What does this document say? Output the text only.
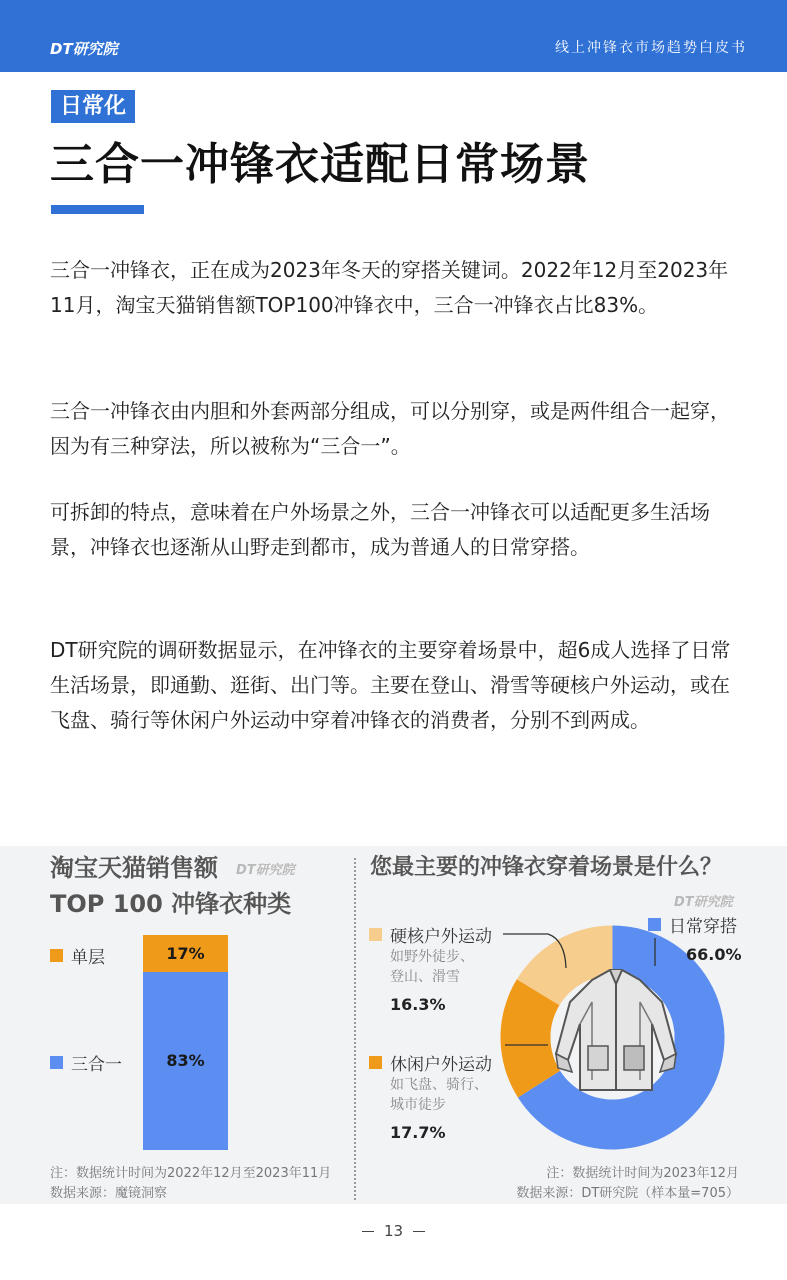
DT研究院	线上冲锋衣市场趋势白皮书
日常化
三合一冲锋衣适配日常场景

三合一冲锋衣，正在成为2023年冬天的穿搭关键词。2022年12月至2023年11月，淘宝天猫销售额TOP100冲锋衣中，三合一冲锋衣占比83%。

三合一冲锋衣由内胆和外套两部分组成，可以分别穿，或是两件组合一起穿，因为有三种穿法，所以被称为“三合一”。

可拆卸的特点，意味着在户外场景之外，三合一冲锋衣可以适配更多生活场景，冲锋衣也逐渐从山野走到都市，成为普通人的日常穿搭。

DT研究院的调研数据显示，在冲锋衣的主要穿着场景中，超6成人选择了日常生活场景，即通勤、逛街、出门等。主要在登山、滑雪等硬核户外运动，或在飞盘、骑行等休闲户外运动中穿着冲锋衣的消费者，分别不到两成。

淘宝天猫销售额
TOP 100 冲锋衣种类
DT研究院
单层
三合一
17%
83%
注：数据统计时间为2022年12月至2023年11月
数据来源：魔镜洞察
您最主要的冲锋衣穿着场景是什么？
DT研究院
硬核户外运动
如野外徒步、
登山、滑雪
16.3%
休闲户外运动
如飞盘、骑行、
城市徒步
17.7%
日常穿搭
66.0%
注：数据统计时间为2023年12月
数据来源：DT研究院（样本量=705）
13
